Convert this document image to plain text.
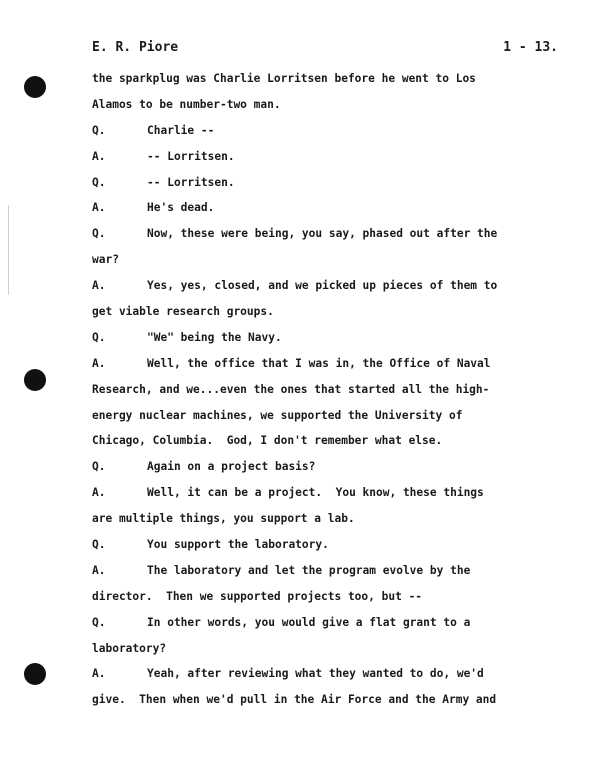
E. R. Piore	1 - 13.
the sparkplug was Charlie Lorritsen before he went to Los
Alamos to be number-two man.
Q.	Charlie --
A.	-- Lorritsen.
Q.	-- Lorritsen.
A.	He's dead.
Q.	Now, these were being, you say, phased out after the
war?
A.	Yes, yes, closed, and we picked up pieces of them to
get viable research groups.
Q.	"We" being the Navy.
A.	Well, the office that I was in, the Office of Naval
Research, and we...even the ones that started all the high-
energy nuclear machines, we supported the University of
Chicago, Columbia.  God, I don't remember what else.
Q.	Again on a project basis?
A.	Well, it can be a project.  You know, these things
are multiple things, you support a lab.
Q.	You support the laboratory.
A.	The laboratory and let the program evolve by the
director.  Then we supported projects too, but --
Q.	In other words, you would give a flat grant to a
laboratory?
A.	Yeah, after reviewing what they wanted to do, we'd
give.  Then when we'd pull in the Air Force and the Army and
